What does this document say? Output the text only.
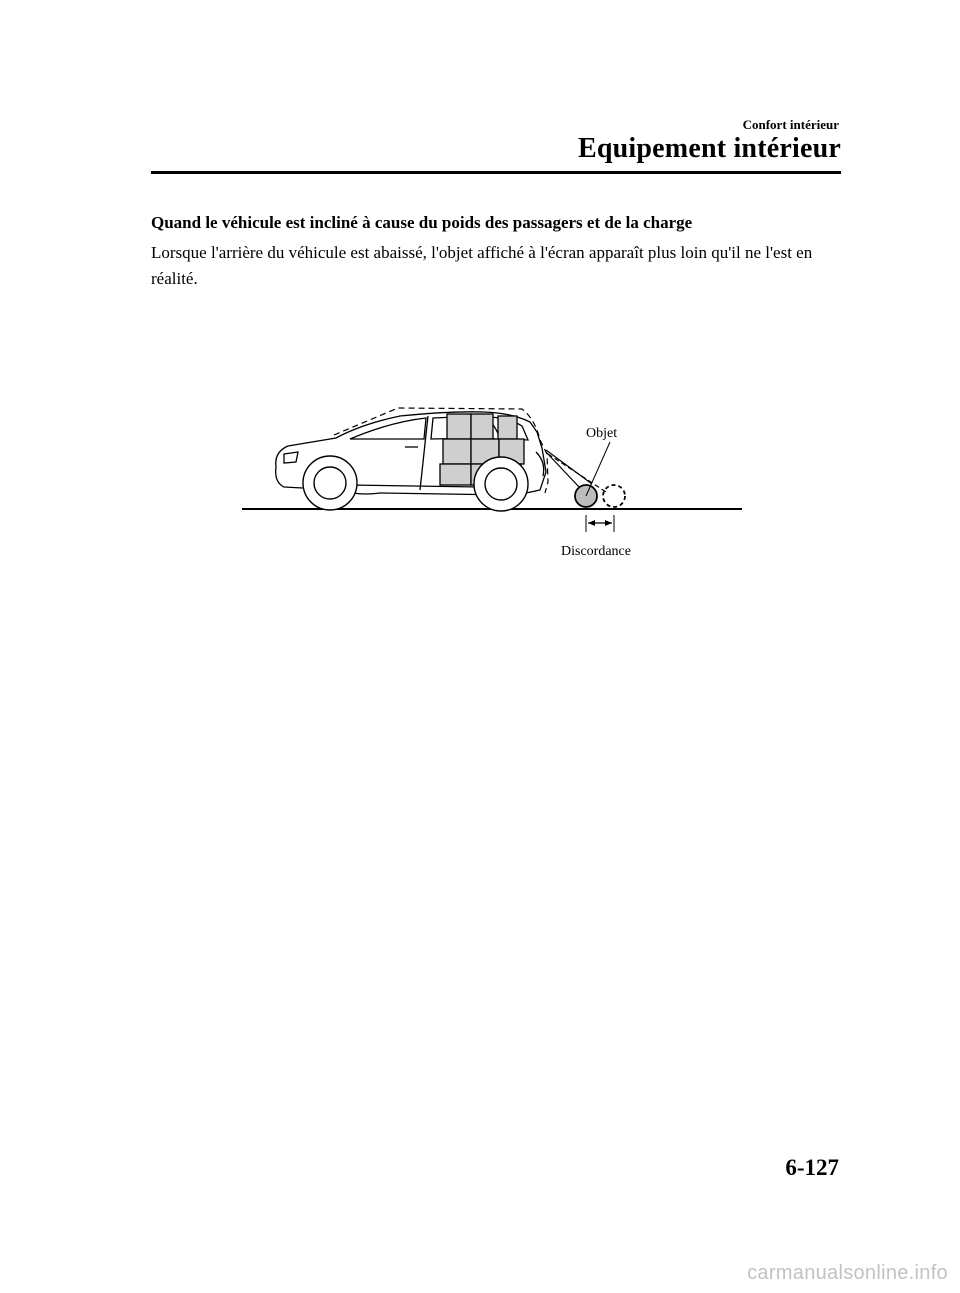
Confort intérieur
Equipement intérieur
Quand le véhicule est incliné à cause du poids des passagers et de la charge
Lorsque l'arrière du véhicule est abaissé, l'objet affiché à l'écran apparaît plus loin qu'il ne l'est en réalité.
Objet
Discordance
6-127
carmanualsonline.info
